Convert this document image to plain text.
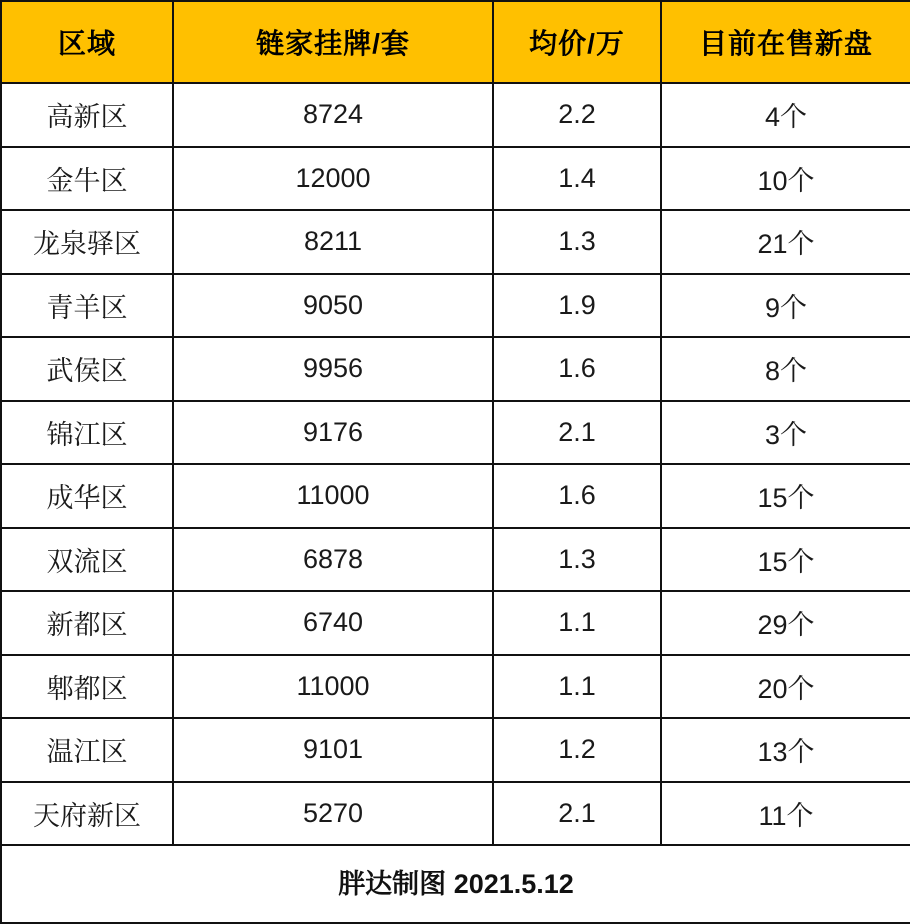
区域	链家挂牌/套	均价/万	目前在售新盘
高新区	8724	2.2	4个
金牛区	12000	1.4	10个
龙泉驿区	8211	1.3	21个
青羊区	9050	1.9	9个
武侯区	9956	1.6	8个
锦江区	9176	2.1	3个
成华区	11000	1.6	15个
双流区	6878	1.3	15个
新都区	6740	1.1	29个
郫都区	11000	1.1	20个
温江区	9101	1.2	13个
天府新区	5270	2.1	11个

胖达制图 2021.5.12			
